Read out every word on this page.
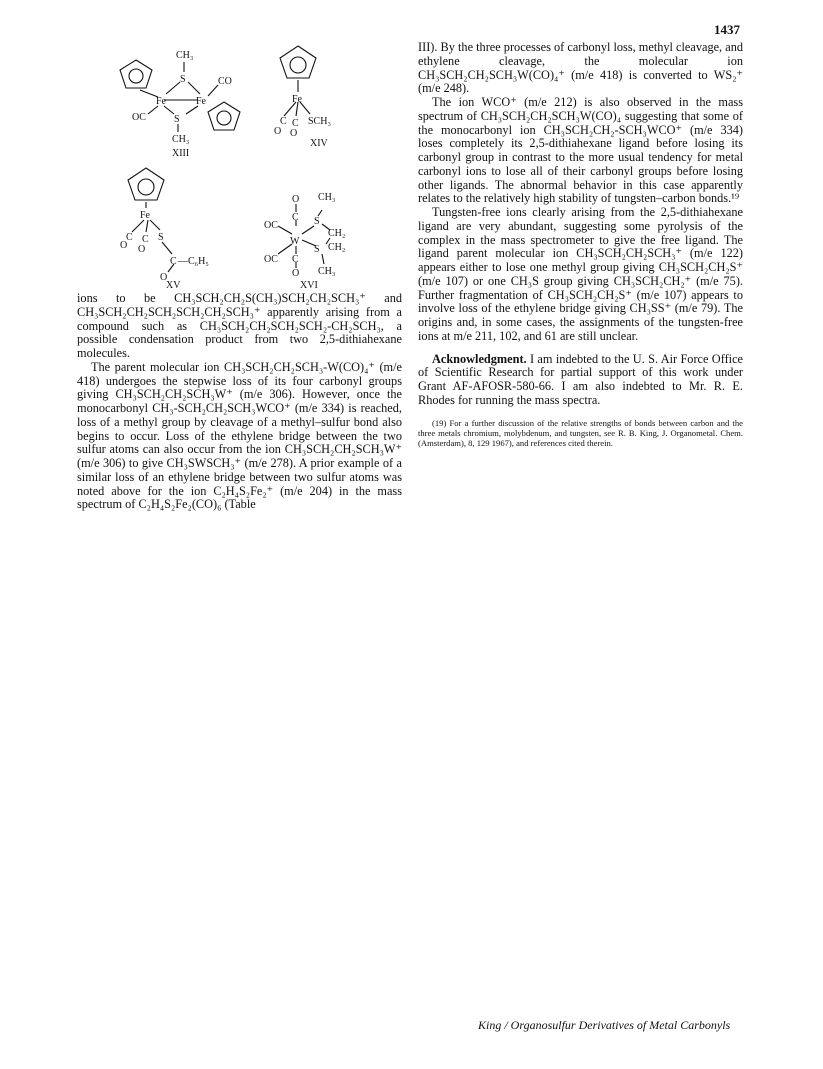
1437
CH₃
S	CO
Fe	Fe
OC	S
CH₃
XIII
Fe
C C
O O
SCH₃
XIV
Fe
C C
O O
S
C —C₆H₅
O
XV
O
C
CH₃
OC	S
CH₂
W
CH₂
S
OC C
O CH₃
XVI

ions to be CH₃SCH₂CH₂S(CH₃)SCH₂CH₂SCH₃⁺ and CH₃SCH₂CH₂SCH₂SCH₂CH₂SCH₃⁺ apparently arising from a compound such as CH₃SCH₂CH₂SCH₂SCH₂-CH₂SCH₃, a possible condensation product from two 2,5-dithiahexane molecules.

The parent molecular ion CH₃SCH₂CH₂SCH₃-W(CO)₄⁺ (m/e 418) undergoes the stepwise loss of its four carbonyl groups giving CH₃SCH₂CH₂SCH₃W⁺ (m/e 306). However, once the monocarbonyl CH₃-SCH₂CH₂SCH₃WCO⁺ (m/e 334) is reached, loss of a methyl group by cleavage of a methyl–sulfur bond also begins to occur. Loss of the ethylene bridge between the two sulfur atoms can also occur from the ion CH₃SCH₂CH₂SCH₃W⁺ (m/e 306) to give CH₃SWSCH₃⁺ (m/e 278). A prior example of a similar loss of an ethylene bridge between two sulfur atoms was noted above for the ion C₂H₄S₂Fe₂⁺ (m/e 204) in the mass spectrum of C₂H₄S₂Fe₂(CO)₆ (Table

III). By the three processes of carbonyl loss, methyl cleavage, and ethylene cleavage, the molecular ion CH₃SCH₂CH₂SCH₃W(CO)₄⁺ (m/e 418) is converted to WS₂⁺ (m/e 248).

The ion WCO⁺ (m/e 212) is also observed in the mass spectrum of CH₃SCH₂CH₂SCH₃W(CO)₄ suggesting that some of the monocarbonyl ion CH₃SCH₂CH₂-SCH₃WCO⁺ (m/e 334) loses completely its 2,5-dithiahexane ligand before losing its carbonyl group in contrast to the more usual tendency for metal carbonyl ions to lose all of their carbonyl groups before losing other ligands. The abnormal behavior in this case apparently relates to the relatively high stability of tungsten–carbon bonds.¹⁹

Tungsten-free ions clearly arising from the 2,5-dithiahexane ligand are very abundant, suggesting some pyrolysis of the complex in the mass spectrometer to give the free ligand. The ligand parent molecular ion CH₃SCH₂CH₂SCH₃⁺ (m/e 122) appears either to lose one methyl group giving CH₃SCH₂CH₂S⁺ (m/e 107) or one CH₃S group giving CH₃SCH₂CH₂⁺ (m/e 75). Further fragmentation of CH₃SCH₂CH₂S⁺ (m/e 107) appears to involve loss of the ethylene bridge giving CH₃SS⁺ (m/e 79). The origins and, in some cases, the assignments of the tungsten-free ions at m/e 211, 102, and 61 are still unclear.

Acknowledgment. I am indebted to the U. S. Air Force Office of Scientific Research for partial support of this work under Grant AF-AFOSR-580-66. I am also indebted to Mr. R. E. Rhodes for running the mass spectra.

(19) For a further discussion of the relative strengths of bonds between carbon and the three metals chromium, molybdenum, and tungsten, see R. B. King, J. Organometal. Chem. (Amsterdam), 8, 129 1967), and references cited therein.

King / Organosulfur Derivatives of Metal Carbonyls
